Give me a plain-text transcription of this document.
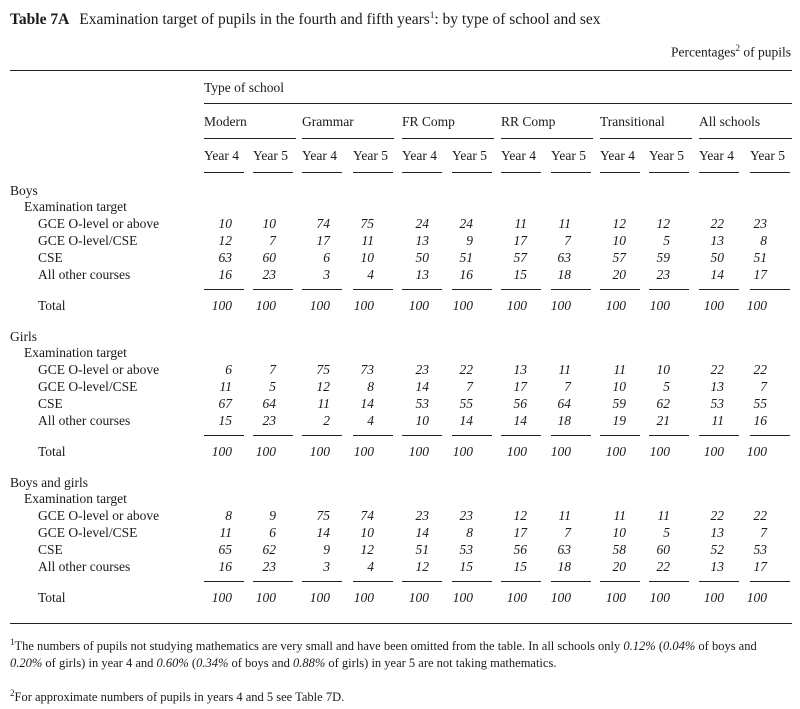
Table 7A Examination target of pupils in the fourth and fifth years$^1$: by type of school and sex
Percentages$^2$ of pupils
Type of school
Modern	Grammar	FR Comp	RR Comp	Transitional	All schools
Year 4 Year 5 Year 4 Year 5 Year 4 Year 5 Year 4 Year 5 Year 4 Year 5 Year 4 Year 5
Boys
Examination target
GCE O-level or above	10	10	74	75	24	24	11	11	12	12	22	23
GCE O-level/CSE	12	7	17	11	13	9	17	7	10	5	13	8
CSE	63	60	6	10	50	51	57	63	57	59	50	51
All other courses	16	23	3	4	13	16	15	18	20	23	14	17
Total	100	100	100	100	100	100	100	100	100	100	100	100
Girls
Examination target
GCE O-level or above	6	7	75	73	23	22	13	11	11	10	22	22
GCE O-level/CSE	11	5	12	8	14	7	17	7	10	5	13	7
CSE	67	64	11	14	53	55	56	64	59	62	53	55
All other courses	15	23	2	4	10	14	14	18	19	21	11	16
Total	100	100	100	100	100	100	100	100	100	100	100	100
Boys and girls
Examination target
GCE O-level or above	8	9	75	74	23	23	12	11	11	11	22	22
GCE O-level/CSE	11	6	14	10	14	8	17	7	10	5	13	7
CSE	65	62	9	12	51	53	56	63	58	60	52	53
All other courses	16	23	3	4	12	15	15	18	20	22	13	17
Total	100	100	100	100	100	100	100	100	100	100	100	100
$^1$The numbers of pupils not studying mathematics are very small and have been omitted from the table. In all schools only 0.12% (0.04% of boys and 0.20% of girls) in year 4 and 0.60% (0.34% of boys and 0.88% of girls) in year 5 are not taking mathematics.
$^2$For approximate numbers of pupils in years 4 and 5 see Table 7D.
